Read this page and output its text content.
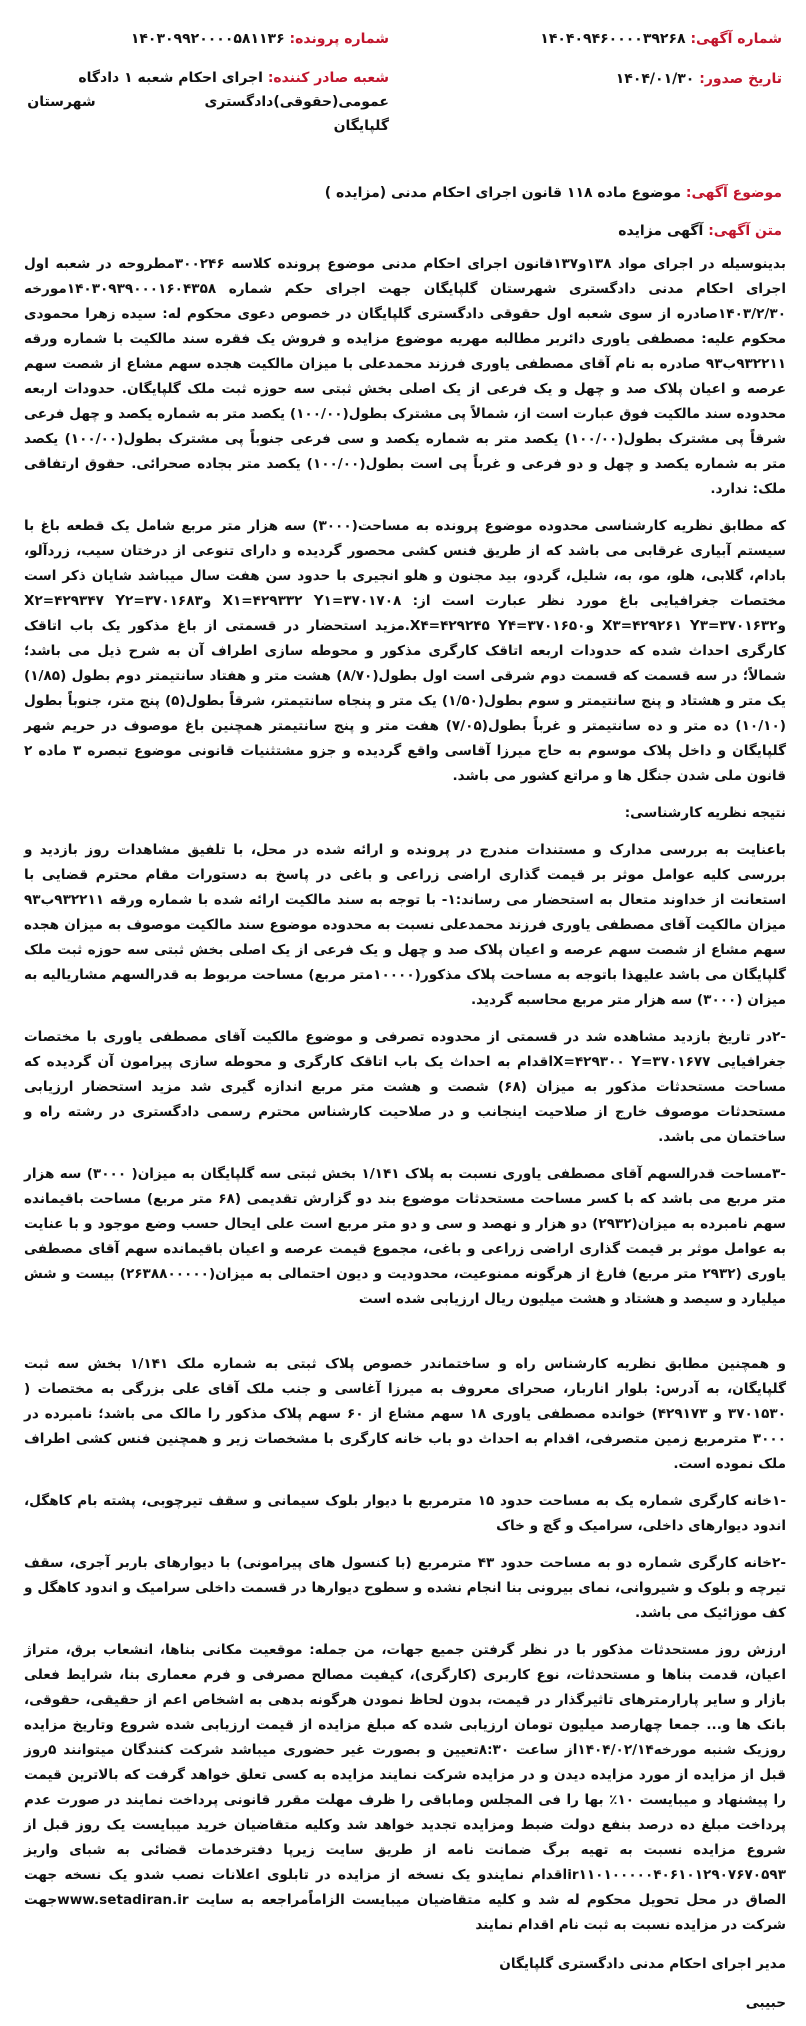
شماره آگهی: ۱۴۰۴۰۹۴۶۰۰۰۰۳۹۲۶۸
شماره پرونده: ۱۴۰۳۰۹۹۲۰۰۰۰۵۸۱۱۳۶
تاریخ صدور: ۱۴۰۴/۰۱/۳۰
شعبه صادر کننده: اجرای احکام شعبه ۱ دادگاه عمومی(حقوقی)دادگستری شهرستان گلپایگان
موضوع آگهی: موضوع ماده ۱۱۸ قانون اجرای احکام مدنی (مزایده )
متن آگهی: آگهی مزایده

بدینوسیله در اجرای مواد ۱۳۸و۱۳۷قانون اجرای احکام مدنی موضوع پرونده کلاسه ۳۰۰۲۴۶مطروحه در شعبه اول اجرای احکام مدنی دادگستری شهرستان گلپایگان جهت اجرای حکم شماره ۱۴۰۳۰۹۳۹۰۰۰۱۶۰۴۳۵۸مورخه ۱۴۰۳/۲/۳۰صادره از سوی شعبه اول حقوقی دادگستری گلپایگان در خصوص دعوی محکوم له: سیده زهرا محمودی محکوم علیه: مصطفی یاوری دائربر مطالبه مهریه موضوع مزایده و فروش یک فقره سند مالکیت با شماره ورقه ۹۳۲۲۱۱ب۹۳ صادره به نام آقای مصطفی یاوری فرزند محمدعلی با میزان مالکیت هجده سهم مشاع از شصت سهم عرصه و اعیان پلاک صد و چهل و یک فرعی از یک اصلی بخش ثبتی سه حوزه ثبت ملک گلپایگان. حدودات اربعه محدوده سند مالکیت فوق عبارت است از، شمالاً پی مشترک بطول(۱۰۰/۰۰) یکصد متر به شماره یکصد و چهل فرعی شرقاً پی مشترک بطول(۱۰۰/۰۰) یکصد متر به شماره یکصد و سی فرعی جنوباً پی مشترک بطول(۱۰۰/۰۰) یکصد متر به شماره یکصد و چهل و دو فرعی و غرباً پی است بطول(۱۰۰/۰۰) یکصد متر بجاده صحرائی. حقوق ارتفاقی ملک: ندارد.

که مطابق نظریه کارشناسی محدوده موضوع پرونده به مساحت(۳۰۰۰) سه هزار متر مربع شامل یک قطعه باغ با سیستم آبیاری غرقابی می باشد که از طریق فنس کشی محصور گردیده و دارای تنوعی از درختان سیب، زردآلو، بادام، گلابی، هلو، مو، به، شلیل، گردو، بید مجنون و هلو انجیری با حدود سن هفت سال میباشد شایان ذکر است مختصات جغرافیایی باغ مورد نظر عبارت است از: X۱=۴۲۹۳۳۲ Y۱=۳۷۰۱۷۰۸ وX۲=۴۲۹۳۴۷ Y۲=۳۷۰۱۶۸۳ وX۳=۴۲۹۲۶۱ Y۳=۳۷۰۱۶۳۲ وX۴=۴۲۹۲۴۵ Y۴=۳۷۰۱۶۵۰.مزید استحضار در قسمتی از باغ مذکور یک باب اتاقک کارگری احداث شده که حدودات اربعه اتاقک کارگری مذکور و محوطه سازی اطراف آن به شرح ذیل می باشد؛ شمالاً؛ در سه قسمت که قسمت دوم شرقی است اول بطول(۸/۷۰) هشت متر و هفتاد سانتیمتر دوم بطول (۱/۸۵) یک متر و هشتاد و پنج سانتیمتر و سوم بطول(۱/۵۰) یک متر و پنجاه سانتیمتر، شرقاً بطول(۵) پنج متر، جنوباً بطول (۱۰/۱۰) ده متر و ده سانتیمتر و غرباً بطول(۷/۰۵) هفت متر و پنج سانتیمتر همچنین باغ موصوف در حریم شهر گلپایگان و داخل پلاک موسوم به حاج میرزا آقاسی واقع گردیده و جزو مشتثنیات قانونی موضوع تبصره ۳ ماده ۲ قانون ملی شدن جنگل ها و مراتع کشور می باشد.

نتیجه نظریه کارشناسی:

باعنایت به بررسی مدارک و مستندات مندرج در پرونده و ارائه شده در محل، با تلفیق مشاهدات روز بازدید و بررسی کلیه عوامل موثر بر قیمت گذاری اراضی زراعی و باغی در پاسخ به دستورات مقام محترم قضایی با استعانت از خداوند متعال به استحضار می رساند:۱- با توجه به سند مالکیت ارائه شده با شماره ورقه ۹۳۲۲۱۱ب۹۳ میزان مالکیت آقای مصطفی یاوری فرزند محمدعلی نسبت به محدوده موضوع سند مالکیت موصوف به میزان هجده سهم مشاع از شصت سهم عرصه و اعیان پلاک صد و چهل و یک فرعی از یک اصلی بخش ثبتی سه حوزه ثبت ملک گلپایگان می باشد علیهذا باتوجه به مساحت پلاک مذکور(۱۰۰۰۰متر مربع) مساحت مربوط به قدرالسهم مشاریالیه به میزان (۳۰۰۰) سه هزار متر مربع محاسبه گردید.

-۲در تاریخ بازدید مشاهده شد در قسمتی از محدوده تصرفی و موضوع مالکیت آقای مصطفی یاوری با مختصات جغرافیایی X=۴۲۹۳۰۰ Y=۳۷۰۱۶۷۷اقدام به احداث یک باب اتاقک کارگری و محوطه سازی پیرامون آن گردیده که مساحت مستحدثات مذکور به میزان (۶۸) شصت و هشت متر مربع اندازه گیری شد مزید استحضار ارزیابی مستحدثات موصوف خارج از صلاحیت اینجانب و در صلاحیت کارشناس محترم رسمی دادگستری در رشته راه و ساختمان می باشد.

-۳مساحت قدرالسهم آقای مصطفی یاوری نسبت به پلاک ۱/۱۴۱ بخش ثبتی سه گلپایگان به میزان( ۳۰۰۰) سه هزار متر مربع می باشد که با کسر مساحت مستحدثات موضوع بند دو گزارش تقدیمی (۶۸ متر مربع) مساحت باقیمانده سهم نامبرده به میزان(۲۹۳۲) دو هزار و نهصد و سی و دو متر مربع است علی ایحال حسب وضع موجود و با عنایت به عوامل موثر بر قیمت گذاری اراضی زراعی و باغی، مجموع قیمت عرصه و اعیان باقیمانده سهم آقای مصطفی یاوری (۲۹۳۲ متر مربع) فارغ از هرگونه ممنوعیت، محدودیت و دیون احتمالی به میزان(۲۶۳۸۸۰۰۰۰۰) بیست و شش میلیارد و سیصد و هشتاد و هشت میلیون ریال ارزیابی شده است

و همچنین مطابق نظریه کارشناس راه و ساختماندر خصوص پلاک ثبتی به شماره ملک ۱/۱۴۱ بخش سه ثبت گلپایگان، به آدرس: بلوار اناربار، صحرای معروف به میرزا آغاسی و جنب ملک آقای علی بزرگی به مختصات ( ۳۷۰۱۵۳۰ و ۴۲۹۱۷۳) خوانده مصطفی یاوری ۱۸ سهم مشاع از ۶۰ سهم پلاک مذکور را مالک می باشد؛ نامبرده در ۳۰۰۰ مترمربع زمین متصرفی، اقدام به احداث دو باب خانه کارگری با مشخصات زیر و همچنین فنس کشی اطراف ملک نموده است.

-۱خانه کارگری شماره یک به مساحت حدود ۱۵ مترمربع با دیوار بلوک سیمانی و سقف تیرچوبی، پشته بام کاهگل، اندود دیوارهای داخلی، سرامیک و گچ و خاک

-۲خانه کارگری شماره دو به مساحت حدود ۴۳ مترمربع (با کنسول های پیرامونی) با دیوارهای باربر آجری، سقف تیرچه و بلوک و شیروانی، نمای بیرونی بنا انجام نشده و سطوح دیوارها در قسمت داخلی سرامیک و اندود کاهگل و کف موزائیک می باشد.

ارزش روز مستحدثات مذکور با در نظر گرفتن جمیع جهات، من جمله: موقعیت مکانی بناها، انشعاب برق، متراژ اعیان، قدمت بناها و مستحدثات، نوع کاربری (کارگری)، کیفیت مصالح مصرفی و فرم معماری بنا، شرایط فعلی بازار و سایر پارارمترهای تاثیرگذار در قیمت، بدون لحاظ نمودن هرگونه بدهی به اشخاص اعم از حقیقی، حقوقی، بانک ها و... جمعا چهارصد میلیون تومان ارزیابی شده که مبلغ مزایده از قیمت ارزیابی شده شروع وتاریخ مزایده روزیک شنبه مورخه۱۴۰۴/۰۲/۱۴از ساعت ۸:۳۰تعیین و بصورت غیر حضوری میباشد شرکت کنندگان میتوانند ۵روز قبل از مزایده از مورد مزایده دیدن و در مزایده شرکت نمایند مزایده به کسی تعلق خواهد گرفت که بالاترین قیمت را پیشنهاد و میبایست ۱۰٪ بها را فی المجلس وماباقی را ظرف مهلت مقرر قانونی پرداخت نمایند در صورت عدم پرداخت مبلغ ده درصد بنفع دولت ضبط ومزایده تجدید خواهد شد وکلیه متقاضیان خرید میبایست یک روز قبل از شروع مزایده نسبت به تهیه برگ ضمانت نامه از طریق سایت زیرپا دفترخدمات قضائی به شبای واریز ir۱۱۰۱۰۰۰۰۰۴۰۶۱۰۱۲۹۰۷۶۷۰۵۹۳اقدام نمایندو یک نسخه از مزایده در تابلوی اعلانات نصب شدو یک نسخه جهت الصاق در محل تحویل محکوم له شد و کلیه متقاضیان میبایست الزاماًمراجعه به سایت www.setadiran.irجهت شرکت در مزایده نسبت به ثبت نام اقدام نمایند

مدیر اجرای احکام مدنی دادگستری گلپایگان

حبیبی
